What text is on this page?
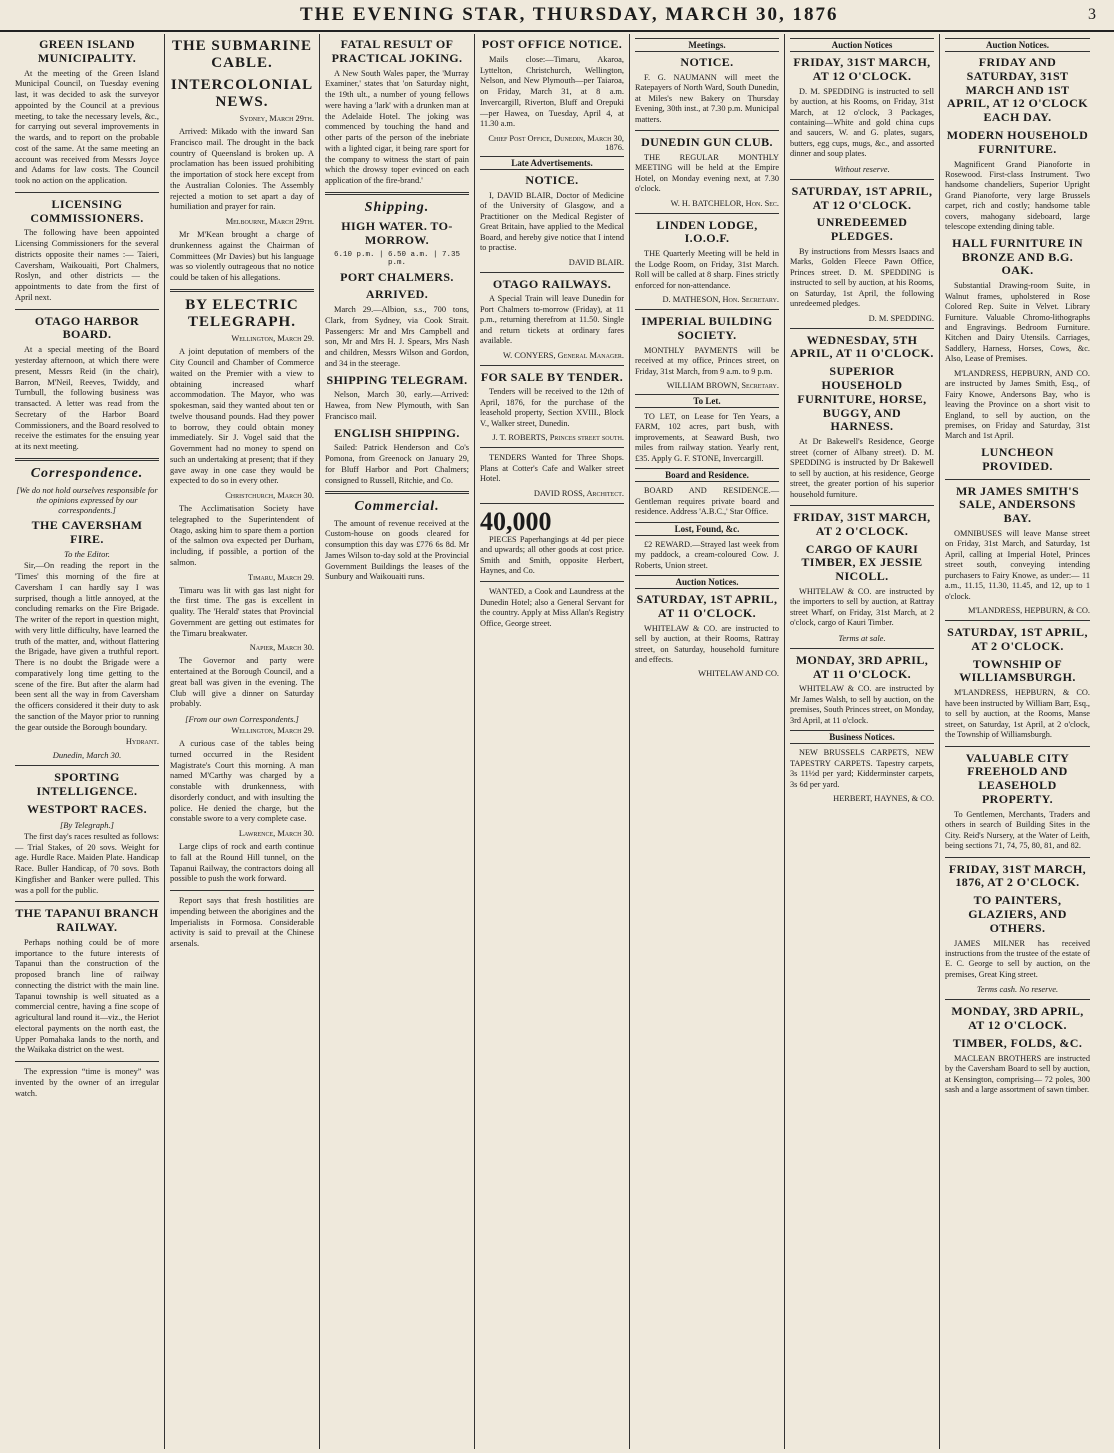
THE EVENING STAR, THURSDAY, MARCH 30, 1876	3
GREEN ISLAND MUNICIPALITY.

At the meeting of the Green Island Municipal Council, on Tuesday evening last, it was decided to ask the surveyor appointed by the Council at a previous meeting, to take the necessary levels, &c., for carrying out several improvements in the wards, and to report on the probable cost of the same. At the same meeting an account was received from Messrs Joyce and Adams for law costs. The Council took no action on the application.

LICENSING COMMISSIONERS.

The following have been appointed Licensing Commissioners for the several districts opposite their names :— Taieri, Caversham, Waikouaiti, Port Chalmers, Roslyn, and other districts — the appointments to date from the first of April next.

OTAGO HARBOR BOARD.

At a special meeting of the Board yesterday afternoon, at which there were present, Messrs Reid (in the chair), Barron, M'Neil, Reeves, Twiddy, and Turnbull, the following business was transacted. A letter was read from the Secretary of the Harbor Board Commissioners, and the Board resolved to receive the estimates for the ensuing year at its next meeting.

Correspondence.
[We do not hold ourselves responsible for the opinions expressed by our correspondents.]
THE CAVERSHAM FIRE.
To the Editor.

Sir,—On reading the report in the 'Times' this morning of the fire at Caversham I can hardly say I was surprised, though a little annoyed, at the concluding remarks on the Fire Brigade. The writer of the report in question might, with very little difficulty, have learned the truth of the matter, and, without flattering the Brigade, have given a truthful report. There is no doubt the Brigade were a comparatively long time getting to the scene of the fire. But after the alarm had been sent all the way in from Caversham the officers considered it their duty to ask the sanction of the Mayor prior to running the gear outside the Borough boundary.

Hydrant.
Dunedin, March 30.
SPORTING INTELLIGENCE.
WESTPORT RACES.
[By Telegraph.]

The first day's races resulted as follows:— Trial Stakes, of 20 sovs. Weight for age. Hurdle Race. Maiden Plate. Handicap Race. Buller Handicap, of 70 sovs. Both Kingfisher and Banker were pulled. This was a poll for the public.

THE TAPANUI BRANCH RAILWAY.

Perhaps nothing could be of more importance to the future interests of Tapanui than the construction of the proposed branch line of railway connecting the district with the main line. Tapanui township is well situated as a commercial centre, having a fine scope of agricultural land round it—viz., the Heriot electoral payments on the north east, the Upper Pomahaka lands to the north, and the Waikaka district on the west.

The expression “time is money” was invented by the owner of an irregular watch.

THE SUBMARINE CABLE.
INTERCOLONIAL NEWS.
Sydney, March 29th.

Arrived: Mikado with the inward San Francisco mail. The drought in the back country of Queensland is broken up. A proclamation has been issued prohibiting the importation of stock here except from the Australian Colonies. The Assembly rejected a motion to set apart a day of humiliation and prayer for rain.

Melbourne, March 29th.

Mr M'Kean brought a charge of drunkenness against the Chairman of Committees (Mr Davies) but his language was so violently outrageous that no notice could be taken of his allegations.

BY ELECTRIC TELEGRAPH.
Wellington, March 29.

A joint deputation of members of the City Council and Chamber of Commerce waited on the Premier with a view to obtaining increased wharf accommodation. The Mayor, who was spokesman, said they wanted about ten or twelve thousand pounds. Had they power to borrow, they could obtain money immediately. Sir J. Vogel said that the Government had no money to spend on such an undertaking at present; that if they gave away in one case they would be expected to do so in every other.

Christchurch, March 30.

The Acclimatisation Society have telegraphed to the Superintendent of Otago, asking him to spare them a portion of the salmon ova expected per Durham, including, if possible, a portion of the salmon.

Timaru, March 29.

Timaru was lit with gas last night for the first time. The gas is excellent in quality. The 'Herald' states that Provincial Government are getting out estimates for the Timaru breakwater.

Napier, March 30.

The Governor and party were entertained at the Borough Council, and a great ball was given in the evening. The Club will give a dinner on Saturday probably.

[From our own Correspondents.]
Wellington, March 29.

A curious case of the tables being turned occurred in the Resident Magistrate's Court this morning. A man named M'Carthy was charged by a constable with drunkenness, with disorderly conduct, and with insulting the police. He denied the charge, but the constable swore to a very complete case.

Lawrence, March 30.

Large clips of rock and earth continue to fall at the Round Hill tunnel, on the Tapanui Railway, the contractors doing all possible to push the work forward.

Report says that fresh hostilities are impending between the aborigines and the Imperialists in Formosa. Considerable activity is said to prevail at the Chinese arsenals.

FATAL RESULT OF PRACTICAL JOKING.

A New South Wales paper, the 'Murray Examiner,' states that 'on Saturday night, the 19th ult., a number of young fellows were having a 'lark' with a drunken man at the Adelaide Hotel. The joking was commenced by touching the hand and other parts of the person of the inebriate with a lighted cigar, it being rare sport for the company to witness the start of pain which the drowsy toper evinced on each application of the fire-brand.'

Shipping.
HIGH WATER. TO-MORROW.
6.10 p.m. | 6.50 a.m. | 7.35 p.m.
PORT CHALMERS.
ARRIVED.

March 29.—Albion, s.s., 700 tons, Clark, from Sydney, via Cook Strait. Passengers: Mr and Mrs Campbell and son, Mr and Mrs H. J. Spears, Mrs Nash and children, Messrs Wilson and Gordon, and 34 in the steerage.

SHIPPING TELEGRAM.

Nelson, March 30, early.—Arrived: Hawea, from New Plymouth, with San Francisco mail.

ENGLISH SHIPPING.

Sailed: Patrick Henderson and Co's Pomona, from Greenock on January 29, for Bluff Harbor and Port Chalmers; consigned to Russell, Ritchie, and Co.

Commercial.

The amount of revenue received at the Custom-house on goods cleared for consumption this day was £776 6s 8d. Mr James Wilson to-day sold at the Provincial Government Buildings the leases of the Sunbury and Waikouaiti runs.

POST OFFICE NOTICE.

Mails close:—Timaru, Akaroa, Lyttelton, Christchurch, Wellington, Nelson, and New Plymouth—per Taiaroa, on Friday, March 31, at 8 a.m. Invercargill, Riverton, Bluff and Orepuki—per Hawea, on Tuesday, April 4, at 11.30 a.m.

Chief Post Office, Dunedin, March 30, 1876.
Late Advertisements.
NOTICE.

I, DAVID BLAIR, Doctor of Medicine of the University of Glasgow, and a Practitioner on the Medical Register of Great Britain, have applied to the Medical Board, and hereby give notice that I intend to practise.

DAVID BLAIR.
OTAGO RAILWAYS.

A Special Train will leave Dunedin for Port Chalmers to-morrow (Friday), at 11 p.m., returning therefrom at 11.50. Single and return tickets at ordinary fares available.

W. CONYERS, General Manager.
FOR SALE BY TENDER.

Tenders will be received to the 12th of April, 1876, for the purchase of the leasehold property, Section XVIII., Block V., Walker street, Dunedin.

J. T. ROBERTS, Princes street south.

TENDERS Wanted for Three Shops. Plans at Cotter's Cafe and Walker street Hotel.

DAVID ROSS, Architect.
40,000

PIECES Paperhangings at 4d per piece and upwards; all other goods at cost price. Smith and Smith, opposite Herbert, Haynes, and Co.

WANTED, a Cook and Laundress at the Dunedin Hotel; also a General Servant for the country. Apply at Miss Allan's Registry Office, George street.

Meetings.
NOTICE.

F. G. NAUMANN will meet the Ratepayers of North Ward, South Dunedin, at Miles's new Bakery on Thursday Evening, 30th inst., at 7.30 p.m. Municipal matters.

DUNEDIN GUN CLUB.

THE REGULAR MONTHLY MEETING will be held at the Empire Hotel, on Monday evening next, at 7.30 o'clock.

W. H. BATCHELOR, Hon. Sec.
LINDEN LODGE, I.O.O.F.

THE Quarterly Meeting will be held in the Lodge Room, on Friday, 31st March. Roll will be called at 8 sharp. Fines strictly enforced for non-attendance.

D. MATHESON, Hon. Secretary.
IMPERIAL BUILDING SOCIETY.

MONTHLY PAYMENTS will be received at my office, Princes street, on Friday, 31st March, from 9 a.m. to 9 p.m.

WILLIAM BROWN, Secretary.
To Let.

TO LET, on Lease for Ten Years, a FARM, 102 acres, part bush, with improvements, at Seaward Bush, two miles from railway station. Yearly rent, £35. Apply G. F. STONE, Invercargill.

Board and Residence.

BOARD AND RESIDENCE.—Gentleman requires private board and residence. Address 'A.B.C.,' Star Office.

Lost, Found, &c.

£2 REWARD.—Strayed last week from my paddock, a cream-coloured Cow. J. Roberts, Union street.

Auction Notices.
SATURDAY, 1ST APRIL, AT 11 O'CLOCK.

WHITELAW & CO. are instructed to sell by auction, at their Rooms, Rattray street, on Saturday, household furniture and effects.

WHITELAW AND CO.
Auction Notices
FRIDAY, 31ST MARCH, AT 12 O'CLOCK.

D. M. SPEDDING is instructed to sell by auction, at his Rooms, on Friday, 31st March, at 12 o'clock, 3 Packages, containing—White and gold china cups and saucers, W. and G. plates, sugars, butters, egg cups, mugs, &c., and assorted dinner and soup plates.

Without reserve.
SATURDAY, 1ST APRIL, AT 12 O'CLOCK.
UNREDEEMED PLEDGES.

By instructions from Messrs Isaacs and Marks, Golden Fleece Pawn Office, Princes street. D. M. SPEDDING is instructed to sell by auction, at his Rooms, on Saturday, 1st April, the following unredeemed pledges.

D. M. SPEDDING.
WEDNESDAY, 5TH APRIL, AT 11 O'CLOCK.
SUPERIOR HOUSEHOLD FURNITURE, HORSE, BUGGY, AND HARNESS.

At Dr Bakewell's Residence, George street (corner of Albany street). D. M. SPEDDING is instructed by Dr Bakewell to sell by auction, at his residence, George street, the greater portion of his superior household furniture.

FRIDAY, 31ST MARCH, AT 2 O'CLOCK.
CARGO OF KAURI TIMBER, EX JESSIE NICOLL.

WHITELAW & CO. are instructed by the importers to sell by auction, at Rattray street Wharf, on Friday, 31st March, at 2 o'clock, cargo of Kauri Timber.

Terms at sale.
MONDAY, 3RD APRIL, AT 11 O'CLOCK.

WHITELAW & CO. are instructed by Mr James Walsh, to sell by auction, on the premises, South Princes street, on Monday, 3rd April, at 11 o'clock.

Business Notices.

NEW BRUSSELS CARPETS, NEW TAPESTRY CARPETS. Tapestry carpets, 3s 11½d per yard; Kidderminster carpets, 3s 6d per yard.

HERBERT, HAYNES, & CO.
Auction Notices.
FRIDAY AND SATURDAY, 31ST MARCH AND 1ST APRIL, AT 12 O'CLOCK EACH DAY.
MODERN HOUSEHOLD FURNITURE.

Magnificent Grand Pianoforte in Rosewood. First-class Instrument. Two handsome chandeliers, Superior Upright Grand Pianoforte, very large Brussels carpet, rich and costly; handsome table covers, mahogany sideboard, large telescope extending dining table.

HALL FURNITURE IN BRONZE AND B.G. OAK.

Substantial Drawing-room Suite, in Walnut frames, upholstered in Rose Colored Rep. Suite in Velvet. Library Furniture. Valuable Chromo-lithographs and Engravings. Bedroom Furniture. Kitchen and Dairy Utensils. Carriages, Saddlery, Harness, Horses, Cows, &c. Also, Lease of Premises.

M'LANDRESS, HEPBURN, AND CO. are instructed by James Smith, Esq., of Fairy Knowe, Andersons Bay, who is leaving the Province on a short visit to England, to sell by auction, on the premises, on Friday and Saturday, 31st March and 1st April.

LUNCHEON PROVIDED.
MR JAMES SMITH'S SALE, ANDERSONS BAY.

OMNIBUSES will leave Manse street on Friday, 31st March, and Saturday, 1st April, calling at Imperial Hotel, Princes street south, conveying intending purchasers to Fairy Knowe, as under:— 11 a.m., 11.15, 11.30, 11.45, and 12, up to 1 o'clock.

M'LANDRESS, HEPBURN, & CO.
SATURDAY, 1ST APRIL, AT 2 O'CLOCK.
TOWNSHIP OF WILLIAMSBURGH.

M'LANDRESS, HEPBURN, & CO. have been instructed by William Barr, Esq., to sell by auction, at the Rooms, Manse street, on Saturday, 1st April, at 2 o'clock, the Township of Williamsburgh.

VALUABLE CITY FREEHOLD AND LEASEHOLD PROPERTY.

To Gentlemen, Merchants, Traders and others in search of Building Sites in the City. Reid's Nursery, at the Water of Leith, being sections 71, 74, 75, 80, 81, and 82.

FRIDAY, 31ST MARCH, 1876, AT 2 O'CLOCK.
TO PAINTERS, GLAZIERS, AND OTHERS.

JAMES MILNER has received instructions from the trustee of the estate of E. C. George to sell by auction, on the premises, Great King street.

Terms cash. No reserve.
MONDAY, 3RD APRIL, AT 12 O'CLOCK.
TIMBER, FOLDS, &C.

MACLEAN BROTHERS are instructed by the Caversham Board to sell by auction, at Kensington, comprising— 72 poles, 300 sash and a large assortment of sawn timber.
